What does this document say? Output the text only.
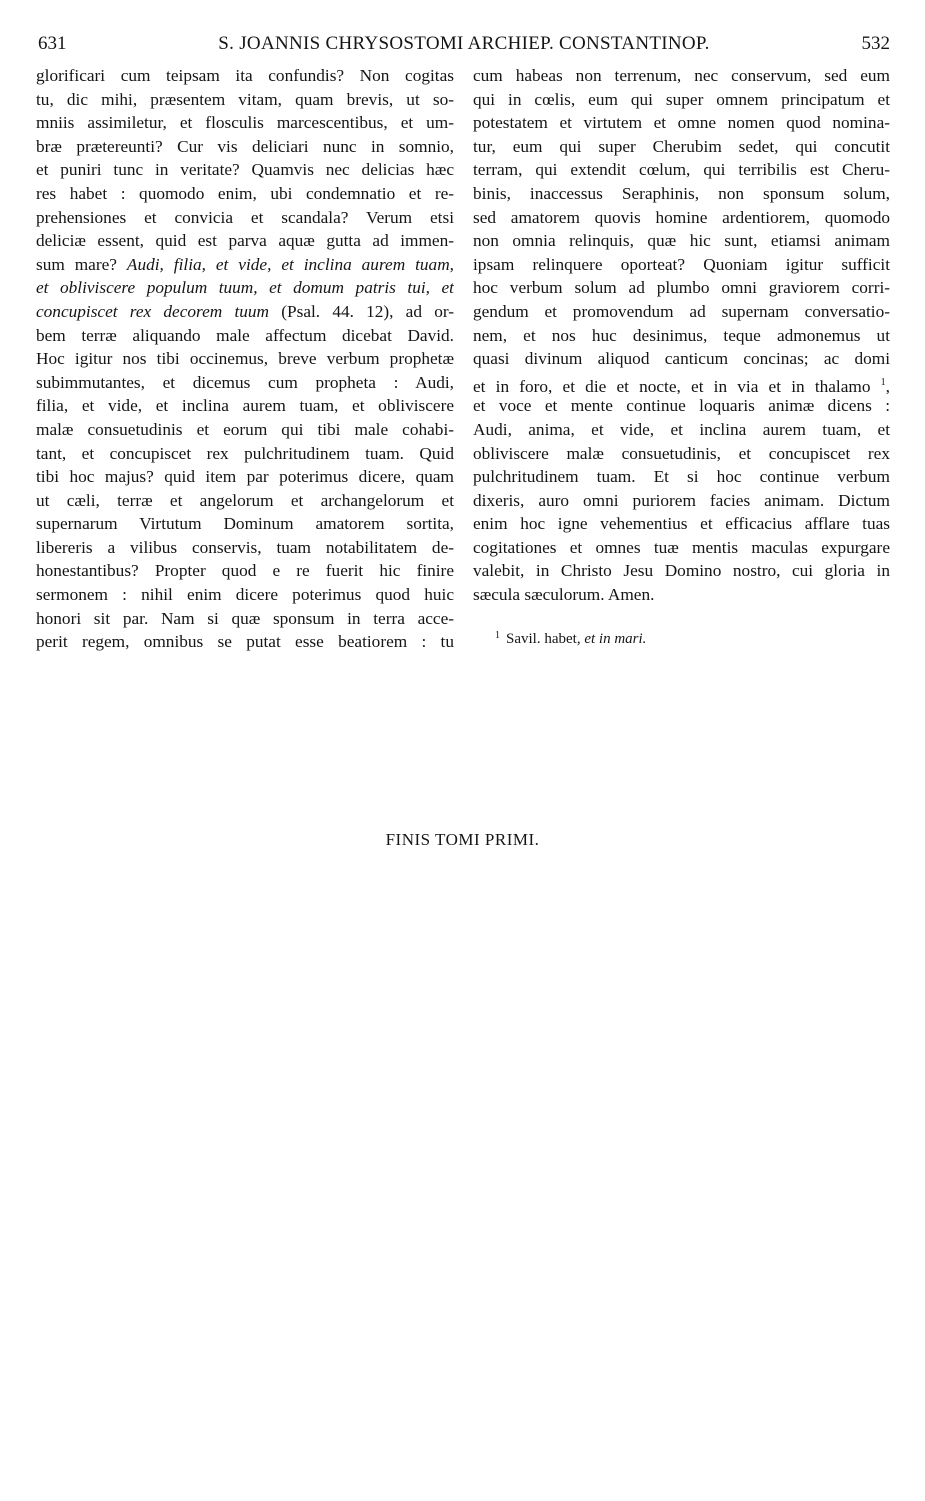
631	S. JOANNIS CHRYSOSTOMI ARCHIEP. CONSTANTINOP.	532
glorificari cum teipsam ita confundis? Non cogitas
tu, dic mihi, præsentem vitam, quam brevis, ut so-
mniis assimiletur, et flosculis marcescentibus, et um-
bræ prætereunti? Cur vis deliciari nunc in somnio,
et puniri tunc in veritate? Quamvis nec delicias hæc
res habet : quomodo enim, ubi condemnatio et re-
prehensiones et convicia et scandala? Verum etsi
deliciæ essent, quid est parva aquæ gutta ad immen-
sum mare? Audi, filia, et vide, et inclina aurem tuam,
et obliviscere populum tuum, et domum patris tui, et
concupiscet rex decorem tuum (Psal. 44. 12), ad or-
bem terræ aliquando male affectum dicebat David.
Hoc igitur nos tibi occinemus, breve verbum prophetæ
subimmutantes, et dicemus cum propheta : Audi,
filia, et vide, et inclina aurem tuam, et obliviscere
malæ consuetudinis et eorum qui tibi male cohabi-
tant, et concupiscet rex pulchritudinem tuam. Quid
tibi hoc majus? quid item par poterimus dicere, quam
ut cæli, terræ et angelorum et archangelorum et
supernarum Virtutum Dominum amatorem sortita,
libereris a vilibus conservis, tuam notabilitatem de-
honestantibus? Propter quod e re fuerit hic finire
sermonem : nihil enim dicere poterimus quod huic
honori sit par. Nam si quæ sponsum in terra acce-
perit regem, omnibus se putat esse beatiorem : tu
cum habeas non terrenum, nec conservum, sed eum
qui in cœlis, eum qui super omnem principatum et
potestatem et virtutem et omne nomen quod nomina-
tur, eum qui super Cherubim sedet, qui concutit
terram, qui extendit cœlum, qui terribilis est Cheru-
binis, inaccessus Seraphinis, non sponsum solum,
sed amatorem quovis homine ardentiorem, quomodo
non omnia relinquis, quæ hic sunt, etiamsi animam
ipsam relinquere oporteat? Quoniam igitur sufficit
hoc verbum solum ad plumbo omni graviorem corri-
gendum et promovendum ad supernam conversatio-
nem, et nos huc desinimus, teque admonemus ut
quasi divinum aliquod canticum concinas; ac domi
et in foro, et die et nocte, et in via et in thalamo $^1$,
et voce et mente continue loquaris animæ dicens :
Audi, anima, et vide, et inclina aurem tuam, et
obliviscere malæ consuetudinis, et concupiscet rex
pulchritudinem tuam. Et si hoc continue verbum
dixeris, auro omni puriorem facies animam. Dictum
enim hoc igne vehementius et efficacius afflare tuas
cogitationes et omnes tuæ mentis maculas expurgare
valebit, in Christo Jesu Domino nostro, cui gloria in
sæcula sæculorum. Amen.
$^1$ Savil. habet, et in mari.
FINIS TOMI PRIMI.
